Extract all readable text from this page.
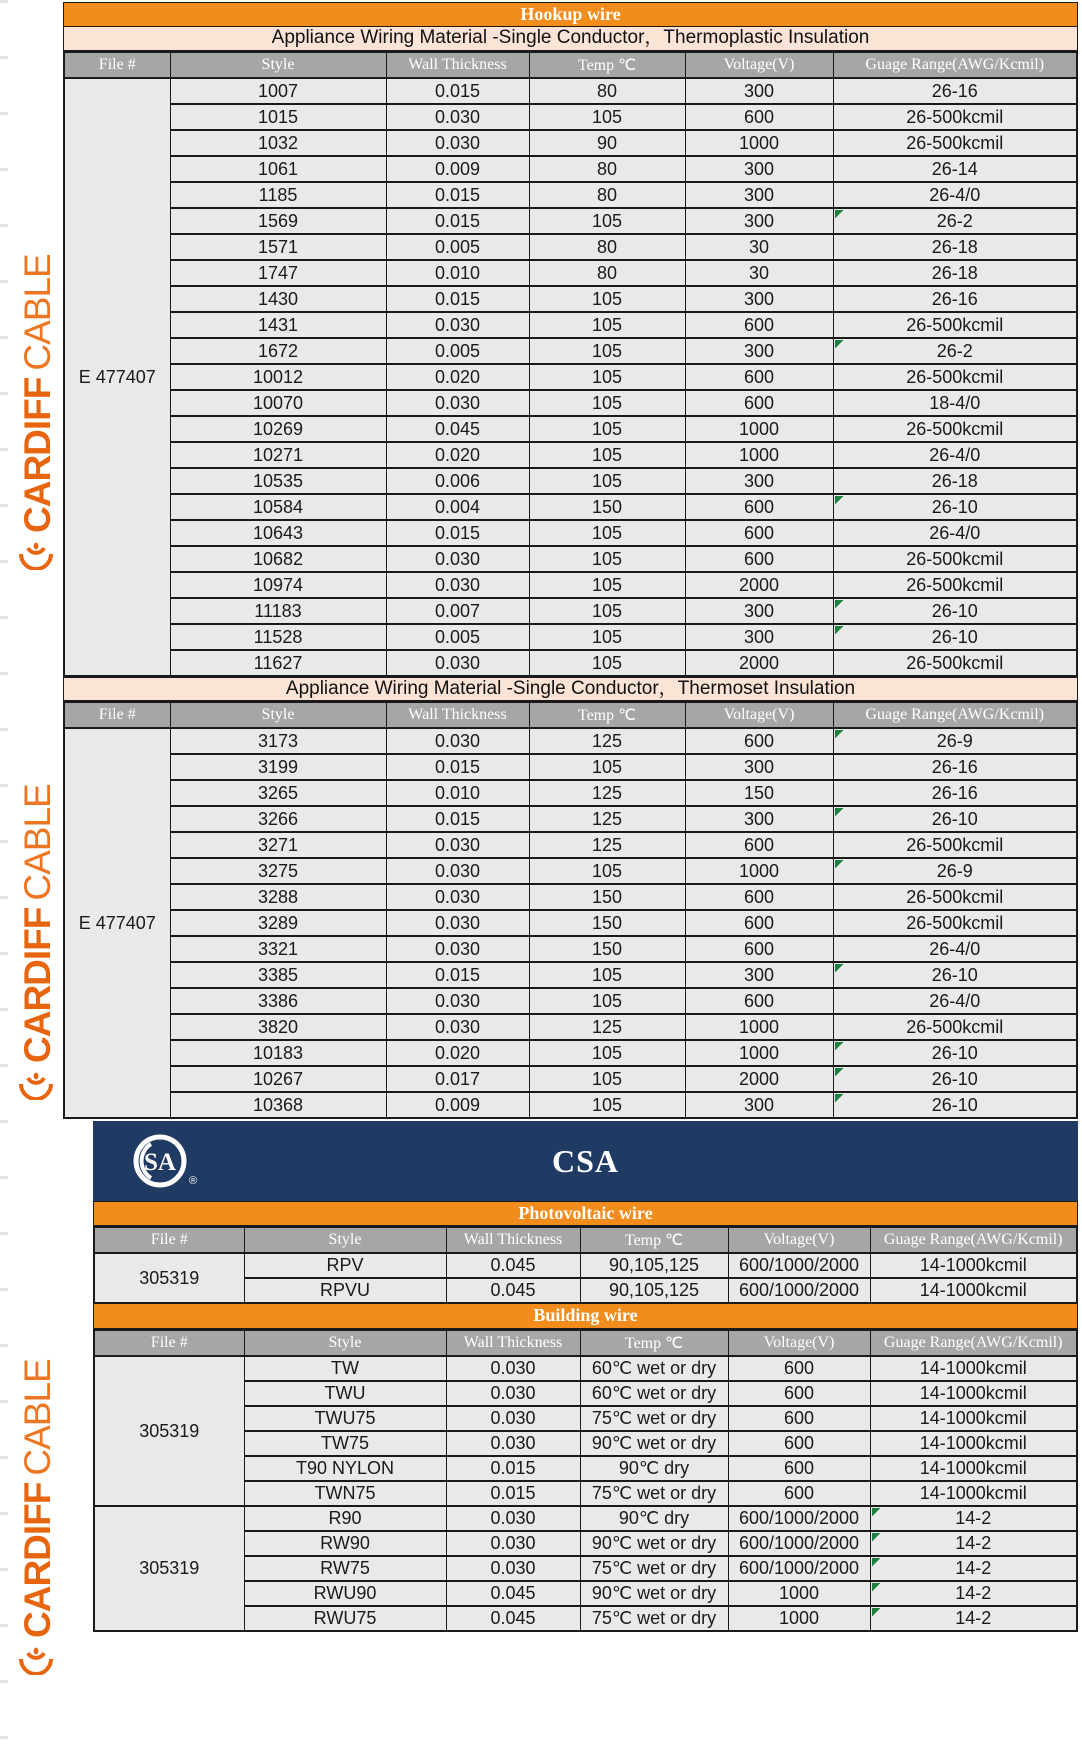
CARDIFF
CABLE
CARDIFF
CABLE
CARDIFF
CABLE
Hookup wire
Appliance Wiring Material -Single Conductor，Thermoplastic Insulation
File #	Style	Wall Thickness	Temp ℃	Voltage(V)	Guage Range(AWG/Kcmil)
E 477407	1007	0.015	80	300	26-16
	1015	0.030	105	600	26-500kcmil
	1032	0.030	90	1000	26-500kcmil
	1061	0.009	80	300	26-14
	1185	0.015	80	300	26-4/0
	1569	0.015	105	300	26-2
	1571	0.005	80	30	26-18
	1747	0.010	80	30	26-18
	1430	0.015	105	300	26-16
	1431	0.030	105	600	26-500kcmil
	1672	0.005	105	300	26-2
	10012	0.020	105	600	26-500kcmil
	10070	0.030	105	600	18-4/0
	10269	0.045	105	1000	26-500kcmil
	10271	0.020	105	1000	26-4/0
	10535	0.006	105	300	26-18
	10584	0.004	150	600	26-10
	10643	0.015	105	600	26-4/0
	10682	0.030	105	600	26-500kcmil
	10974	0.030	105	2000	26-500kcmil
	11183	0.007	105	300	26-10
	11528	0.005	105	300	26-10
	11627	0.030	105	2000	26-500kcmil
Appliance Wiring Material -Single Conductor，Thermoset Insulation
File #	Style	Wall Thickness	Temp ℃	Voltage(V)	Guage Range(AWG/Kcmil)
E 477407	3173	0.030	125	600	26-9
	3199	0.015	105	300	26-16
	3265	0.010	125	150	26-16
	3266	0.015	125	300	26-10
	3271	0.030	125	600	26-500kcmil
	3275	0.030	105	1000	26-9
	3288	0.030	150	600	26-500kcmil
	3289	0.030	150	600	26-500kcmil
	3321	0.030	150	600	26-4/0
	3385	0.015	105	300	26-10
	3386	0.030	105	600	26-4/0
	3820	0.030	125	1000	26-500kcmil
	10183	0.020	105	1000	26-10
	10267	0.017	105	2000	26-10
	10368	0.009	105	300	26-10
SA
®
CSA
Photovoltaic wire
File #	Style	Wall Thickness	Temp ℃	Voltage(V)	Guage Range(AWG/Kcmil)
305319	RPV	0.045	90,105,125	600/1000/2000	14-1000kcmil
	RPVU	0.045	90,105,125	600/1000/2000	14-1000kcmil
Building wire
File #	Style	Wall Thickness	Temp ℃	Voltage(V)	Guage Range(AWG/Kcmil)
305319	TW	0.030	60℃ wet or dry	600	14-1000kcmil
	TWU	0.030	60℃ wet or dry	600	14-1000kcmil
	TWU75	0.030	75℃ wet or dry	600	14-1000kcmil
	TW75	0.030	90℃ wet or dry	600	14-1000kcmil
	T90 NYLON	0.015	90℃ dry	600	14-1000kcmil
	TWN75	0.015	75℃ wet or dry	600	14-1000kcmil
305319	R90	0.030	90℃ dry	600/1000/2000	14-2
	RW90	0.030	90℃ wet or dry	600/1000/2000	14-2
	RW75	0.030	75℃ wet or dry	600/1000/2000	14-2
	RWU90	0.045	90℃ wet or dry	1000	14-2
	RWU75	0.045	75℃ wet or dry	1000	14-2
